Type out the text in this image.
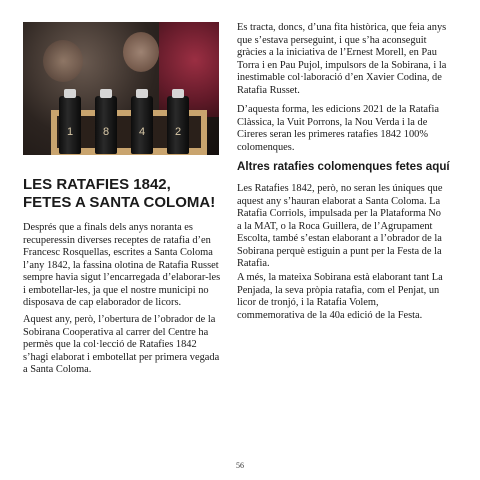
1	8	4	2
LES RATAFIES 1842,
FETES A SANTA COLOMA!

Després que a finals dels anys noranta es recuperessin diverses receptes de ratafia d’en Francesc Rosquellas, escrites a Santa Coloma l’any 1842, la fassina olotina de Ratafia Russet sempre havia sigut l’encarregada d’elaborar-les i embotellar-les, ja que el nostre municipi no disposava de cap elaborador de licors.

Aquest any, però, l’obertura de l’obrador de la Sobirana Cooperativa al carrer del Centre ha permès que la col·lecció de Ratafies 1842 s’hagi elaborat i embotellat per primera vegada a Santa Coloma.

Es tracta, doncs, d’una fita històrica, que feia anys que s’estava perseguint, i que s’ha aconseguit gràcies a la iniciativa de l’Ernest Morell, en Pau Torra i en Pau Pujol, impulsors de la Sobirana, i la inestimable col·laboració d’en Xavier Codina, de Ratafia Russet.

D’aquesta forma, les edicions 2021 de la Ratafia Clàssica, la Vuit Porrons, la Nou Verda i la de Cireres seran les primeres ratafies 1842 100% colomenques.

Altres ratafies colomenques fetes aquí

Les Ratafies 1842, però, no seran les úniques que aquest any s’hauran elaborat a Santa Coloma. La Ratafia Corriols, impulsada per la Plataforma No a la MAT, o la Roca Guillera, de l’Agrupament Escolta, també s’estan elaborant a l’obrador de la Sobirana perquè estiguin a punt per la Festa de la Ratafia.

A més, la mateixa Sobirana està elaborant tant La Penjada, la seva pròpia ratafia, com el Penjat, un licor de tronjó, i la Ratafia Volem, commemorativa de la 40a edició de la Festa.

56
